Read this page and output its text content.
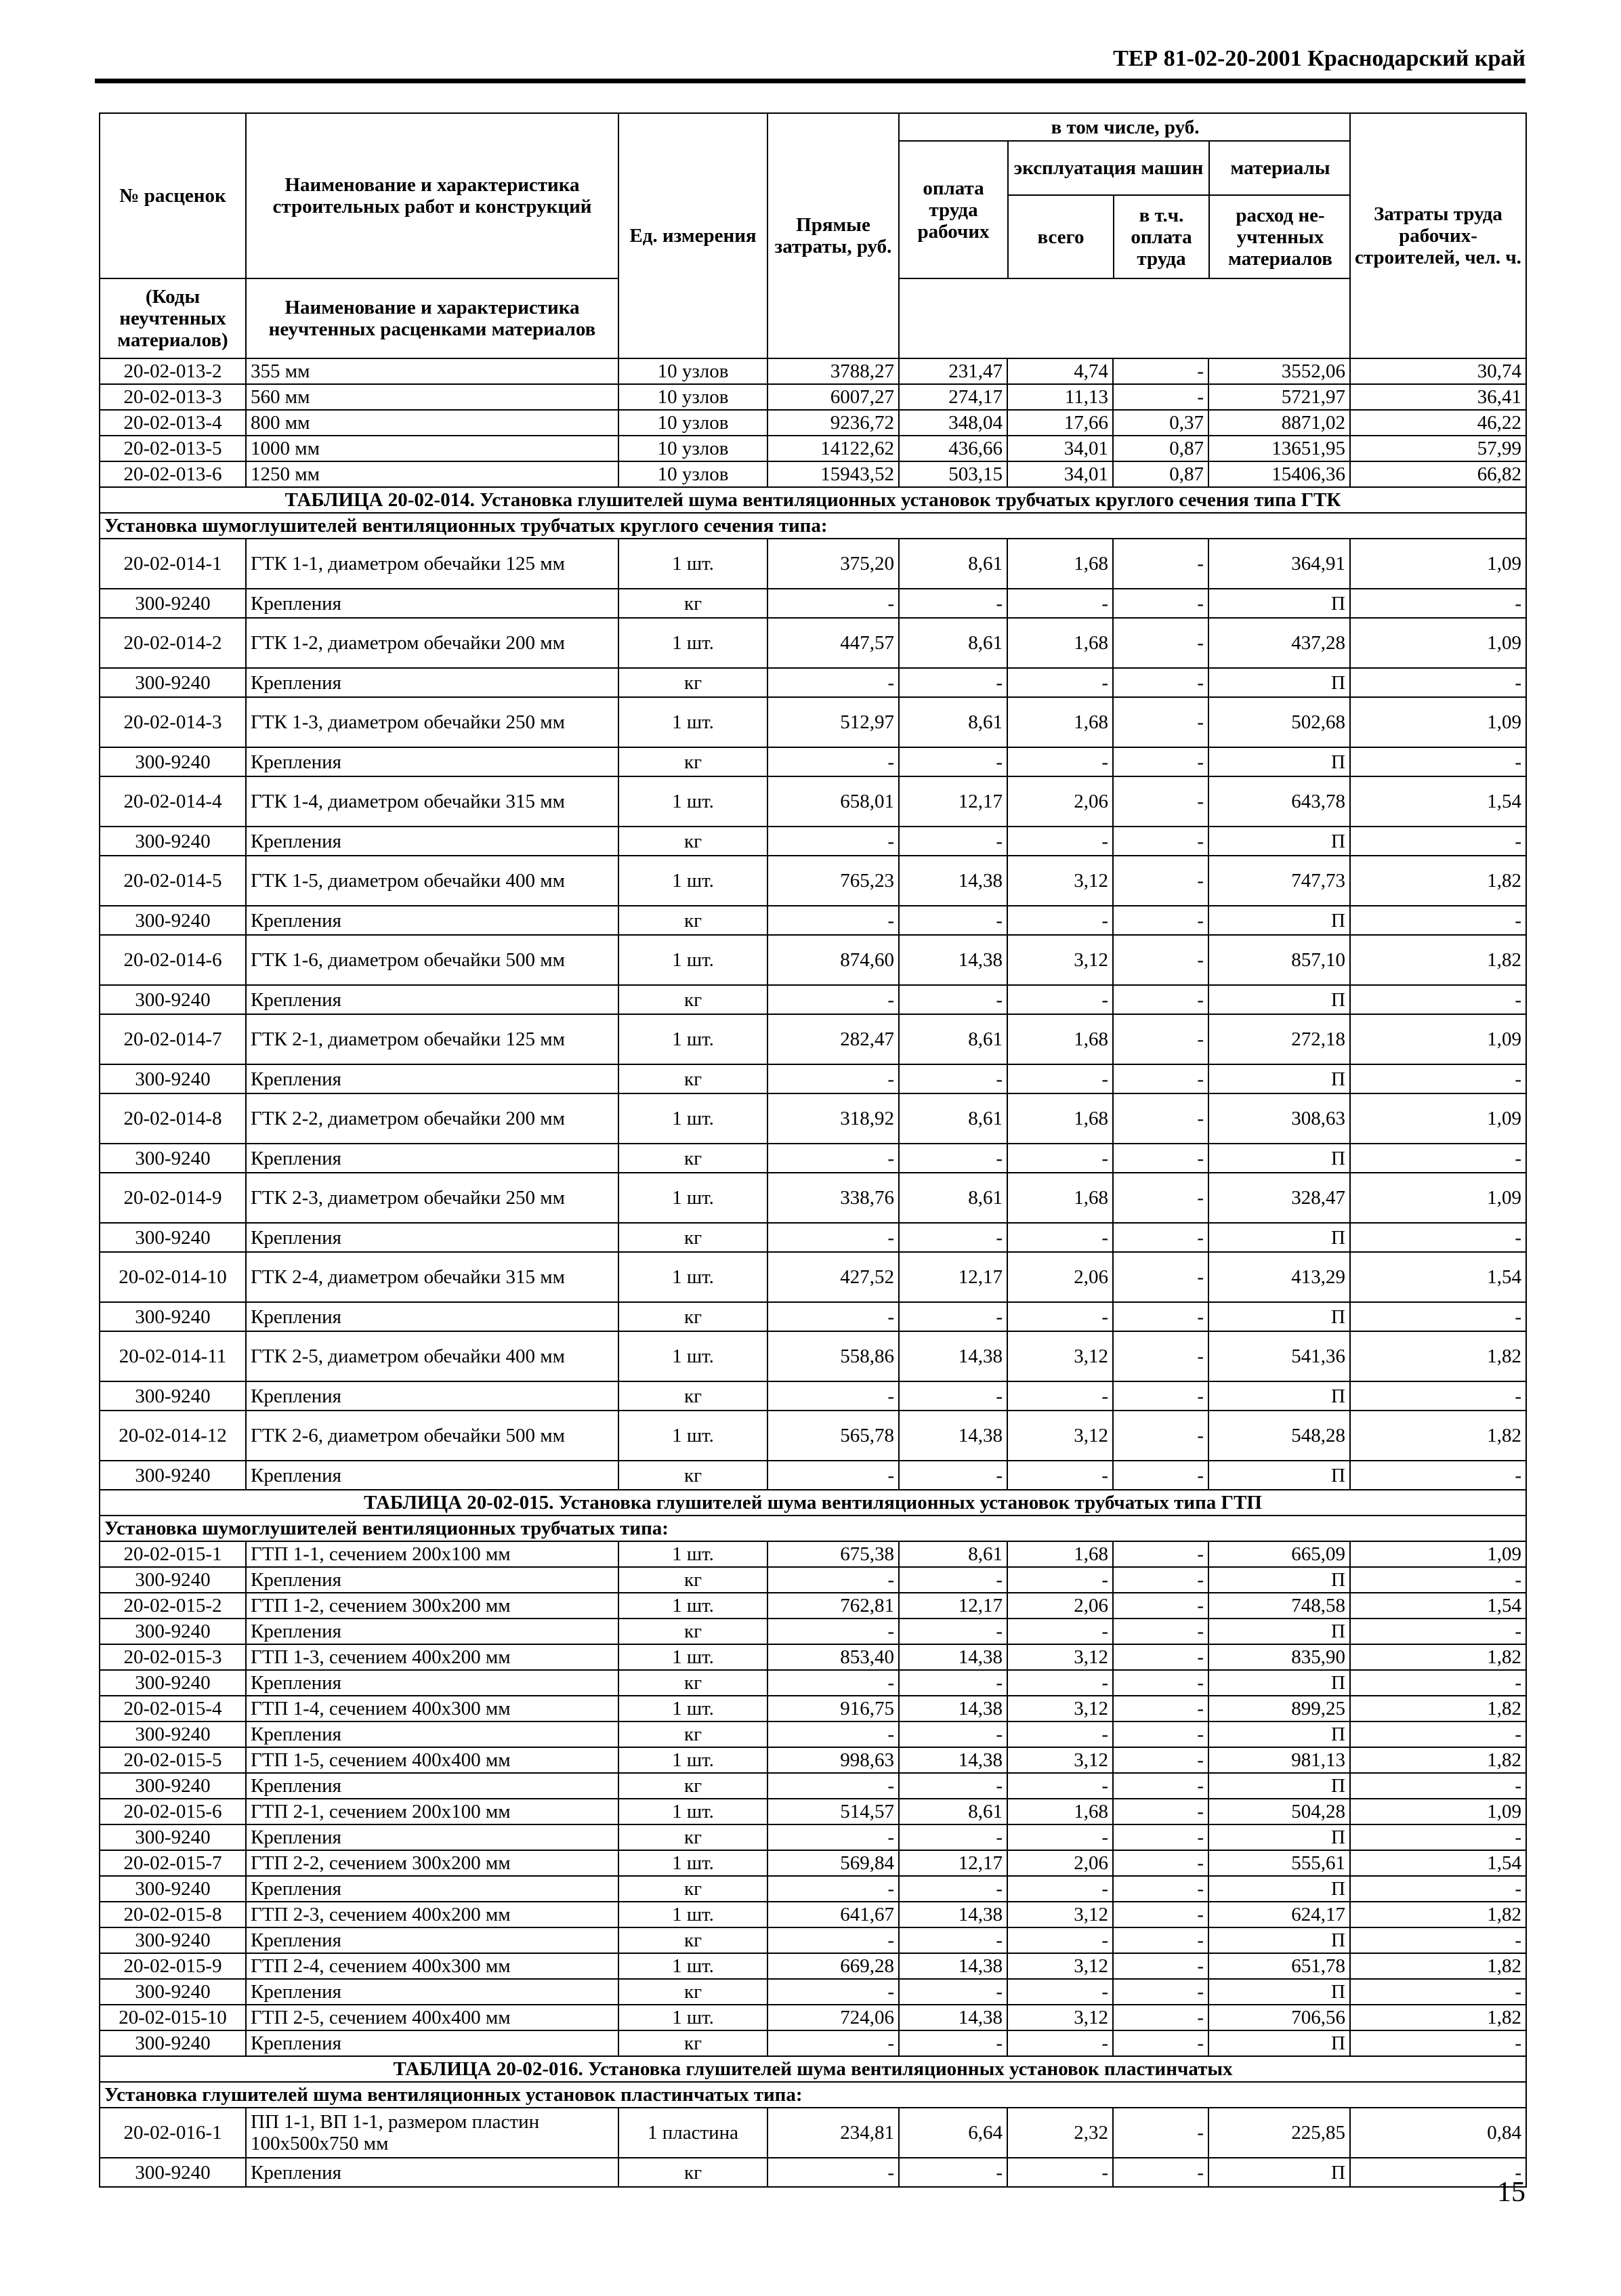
ТЕР 81-02-20-2001 Краснодарский край
№ расценок	Наименование и характеристика строительных работ и конструкций	Ед. измерения	Прямые затраты, руб.	
в том числе, руб.
оплата труда рабочих	эксплуатация машин	материалы
всего	в т.ч. оплата труда	расход не-учтенных материалов
	Затраты труда рабочих-строителей, чел. ч.
(Коды неучтенных материалов)	Наименование и характеристика неучтенных расценками материалов
20-02-013-2	355 мм	10 узлов	3788,27	231,47	4,74	-	3552,06	30,74
20-02-013-3	560 мм	10 узлов	6007,27	274,17	11,13	-	5721,97	36,41
20-02-013-4	800 мм	10 узлов	9236,72	348,04	17,66	0,37	8871,02	46,22
20-02-013-5	1000 мм	10 узлов	14122,62	436,66	34,01	0,87	13651,95	57,99
20-02-013-6	1250 мм	10 узлов	15943,52	503,15	34,01	0,87	15406,36	66,82
ТАБЛИЦА 20-02-014. Установка глушителей шума вентиляционных установок трубчатых круглого сечения типа ГТК
Установка шумоглушителей вентиляционных трубчатых круглого сечения типа:
20-02-014-1	ГТК 1-1, диаметром обечайки 125 мм	1 шт.	375,20	8,61	1,68	-	364,91	1,09
300-9240	Крепления	кг	-	-	-	-	П	-
20-02-014-2	ГТК 1-2, диаметром обечайки 200 мм	1 шт.	447,57	8,61	1,68	-	437,28	1,09
300-9240	Крепления	кг	-	-	-	-	П	-
20-02-014-3	ГТК 1-3, диаметром обечайки 250 мм	1 шт.	512,97	8,61	1,68	-	502,68	1,09
300-9240	Крепления	кг	-	-	-	-	П	-
20-02-014-4	ГТК 1-4, диаметром обечайки 315 мм	1 шт.	658,01	12,17	2,06	-	643,78	1,54
300-9240	Крепления	кг	-	-	-	-	П	-
20-02-014-5	ГТК 1-5, диаметром обечайки 400 мм	1 шт.	765,23	14,38	3,12	-	747,73	1,82
300-9240	Крепления	кг	-	-	-	-	П	-
20-02-014-6	ГТК 1-6, диаметром обечайки 500 мм	1 шт.	874,60	14,38	3,12	-	857,10	1,82
300-9240	Крепления	кг	-	-	-	-	П	-
20-02-014-7	ГТК 2-1, диаметром обечайки 125 мм	1 шт.	282,47	8,61	1,68	-	272,18	1,09
300-9240	Крепления	кг	-	-	-	-	П	-
20-02-014-8	ГТК 2-2, диаметром обечайки 200 мм	1 шт.	318,92	8,61	1,68	-	308,63	1,09
300-9240	Крепления	кг	-	-	-	-	П	-
20-02-014-9	ГТК 2-3, диаметром обечайки 250 мм	1 шт.	338,76	8,61	1,68	-	328,47	1,09
300-9240	Крепления	кг	-	-	-	-	П	-
20-02-014-10	ГТК 2-4, диаметром обечайки 315 мм	1 шт.	427,52	12,17	2,06	-	413,29	1,54
300-9240	Крепления	кг	-	-	-	-	П	-
20-02-014-11	ГТК 2-5, диаметром обечайки 400 мм	1 шт.	558,86	14,38	3,12	-	541,36	1,82
300-9240	Крепления	кг	-	-	-	-	П	-
20-02-014-12	ГТК 2-6, диаметром обечайки 500 мм	1 шт.	565,78	14,38	3,12	-	548,28	1,82
300-9240	Крепления	кг	-	-	-	-	П	-
ТАБЛИЦА 20-02-015. Установка глушителей шума вентиляционных установок трубчатых типа ГТП
Установка шумоглушителей вентиляционных трубчатых типа:
20-02-015-1	ГТП 1-1, сечением 200х100 мм	1 шт.	675,38	8,61	1,68	-	665,09	1,09
300-9240	Крепления	кг	-	-	-	-	П	-
20-02-015-2	ГТП 1-2, сечением 300х200 мм	1 шт.	762,81	12,17	2,06	-	748,58	1,54
300-9240	Крепления	кг	-	-	-	-	П	-
20-02-015-3	ГТП 1-3, сечением 400х200 мм	1 шт.	853,40	14,38	3,12	-	835,90	1,82
300-9240	Крепления	кг	-	-	-	-	П	-
20-02-015-4	ГТП 1-4, сечением 400х300 мм	1 шт.	916,75	14,38	3,12	-	899,25	1,82
300-9240	Крепления	кг	-	-	-	-	П	-
20-02-015-5	ГТП 1-5, сечением 400х400 мм	1 шт.	998,63	14,38	3,12	-	981,13	1,82
300-9240	Крепления	кг	-	-	-	-	П	-
20-02-015-6	ГТП 2-1, сечением 200х100 мм	1 шт.	514,57	8,61	1,68	-	504,28	1,09
300-9240	Крепления	кг	-	-	-	-	П	-
20-02-015-7	ГТП 2-2, сечением 300х200 мм	1 шт.	569,84	12,17	2,06	-	555,61	1,54
300-9240	Крепления	кг	-	-	-	-	П	-
20-02-015-8	ГТП 2-3, сечением 400х200 мм	1 шт.	641,67	14,38	3,12	-	624,17	1,82
300-9240	Крепления	кг	-	-	-	-	П	-
20-02-015-9	ГТП 2-4, сечением 400х300 мм	1 шт.	669,28	14,38	3,12	-	651,78	1,82
300-9240	Крепления	кг	-	-	-	-	П	-
20-02-015-10	ГТП 2-5, сечением 400х400 мм	1 шт.	724,06	14,38	3,12	-	706,56	1,82
300-9240	Крепления	кг	-	-	-	-	П	-
ТАБЛИЦА 20-02-016. Установка глушителей шума вентиляционных установок пластинчатых
Установка глушителей шума вентиляционных установок пластинчатых типа:
20-02-016-1	ПП 1-1, ВП 1-1, размером пластин 100х500х750 мм	1 пластина	234,81	6,64	2,32	-	225,85	0,84
300-9240	Крепления	кг	-	-	-	-	П	-
15
